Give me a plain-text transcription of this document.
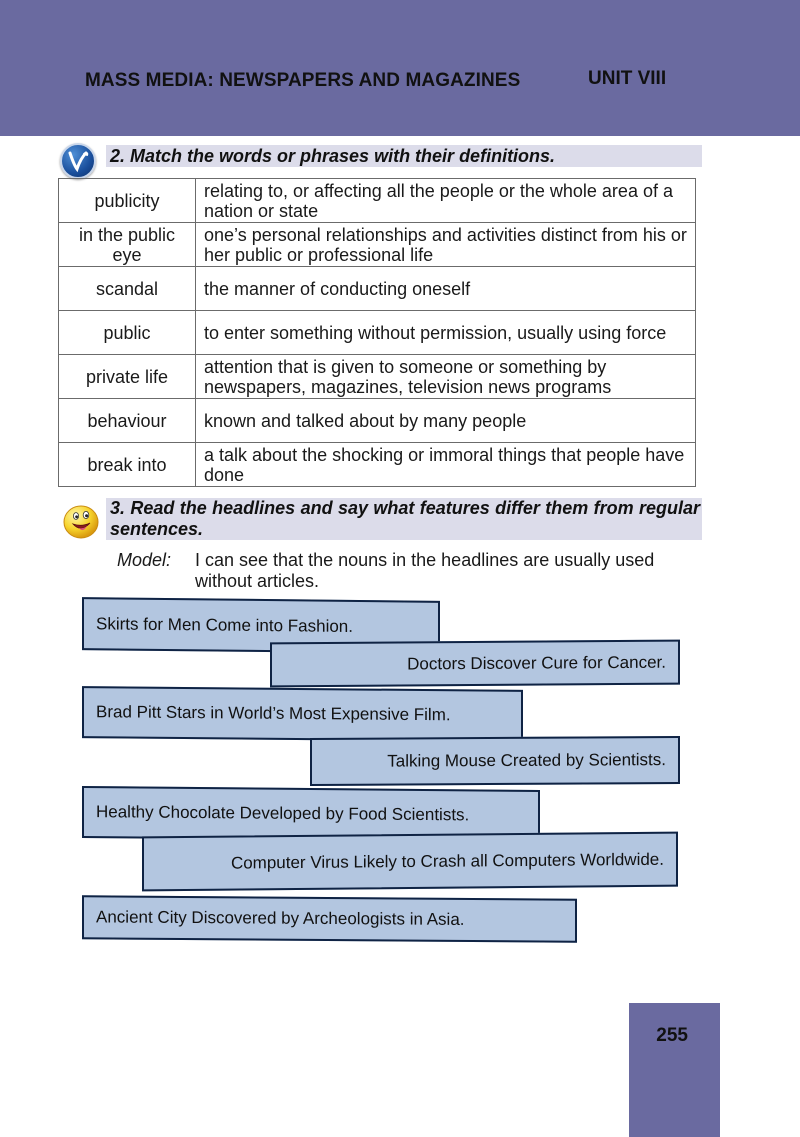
MASS MEDIA: NEWSPAPERS AND MAGAZINES	UNIT VIII
2. Match the words or phrases with their definitions.
publicity	relating to, or affecting all the people or the whole area of a nation or state
in the public eye	one’s personal relationships and activities distinct from his or her public or professional life
scandal	the manner of conducting oneself
public	to enter something without permission, usually using force
private life	attention that is given to someone or something by newspapers, magazines, television news programs
behaviour	known and talked about by many people
break into	a talk about the shocking or immoral things that people have done
3. Read the headlines and say what features differ them from regular sentences.
Model: I can see that the nouns in the headlines are usually used without articles.
Skirts for Men Come into Fashion.
Doctors Discover Cure for Cancer.
Brad Pitt Stars in World’s Most Expensive Film.
Talking Mouse Created by Scientists.
Healthy Chocolate Developed by Food Scientists.
Computer Virus Likely to Crash all Computers Worldwide.
Ancient City Discovered by Archeologists in Asia.
255
